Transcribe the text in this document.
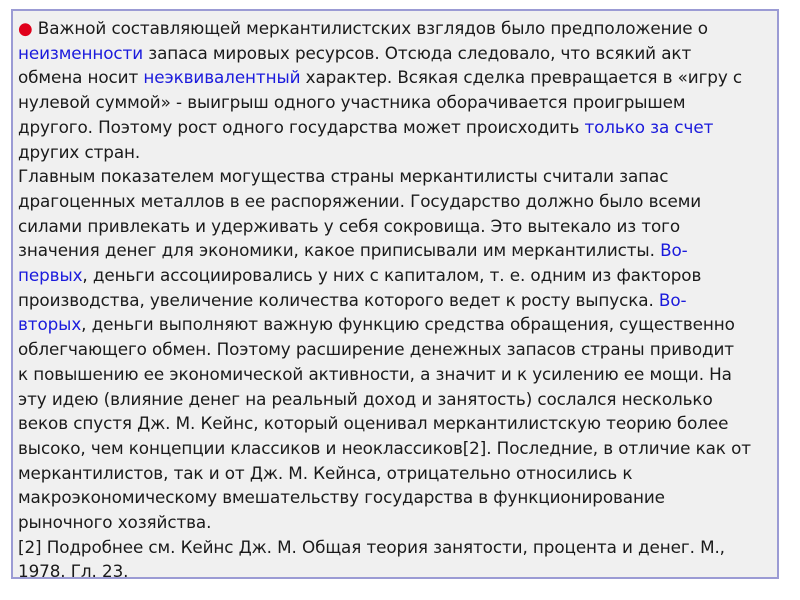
● Важной составляющей меркантилистских взглядов было предположение о
неизменности запаса мировых ресурсов. Отсюда следовало, что всякий акт
обмена носит неэквивалентный характер. Всякая сделка превращается в «игру с
нулевой суммой» - выигрыш одного участника оборачивается проигрышем
другого. Поэтому рост одного государства может происходить только за счет
других стран.
Главным показателем могущества страны меркантилисты считали запас
драгоценных металлов в ее распоряжении. Государство должно было всеми
силами привлекать и удерживать у себя сокровища. Это вытекало из того
значения денег для экономики, какое приписывали им меркантилисты. Во-
первых, деньги ассоциировались у них с капиталом, т. е. одним из факторов
производства, увеличение количества которого ведет к росту выпуска. Во-
вторых, деньги выполняют важную функцию средства обращения, существенно
облегчающего обмен. Поэтому расширение денежных запасов страны приводит
к повышению ее экономической активности, а значит и к усилению ее мощи. На
эту идею (влияние денег на реальный доход и занятость) сослался несколько
веков спустя Дж. М. Кейнс, который оценивал меркантилистскую теорию более
высоко, чем концепции классиков и неоклассиков[2]. Последние, в отличие как от
меркантилистов, так и от Дж. М. Кейнса, отрицательно относились к
макроэкономическому вмешательству государства в функционирование
рыночного хозяйства.
[2] Подробнее см. Кейнс Дж. М. Общая теория занятости, процента и денег. М.,
1978. Гл. 23.
